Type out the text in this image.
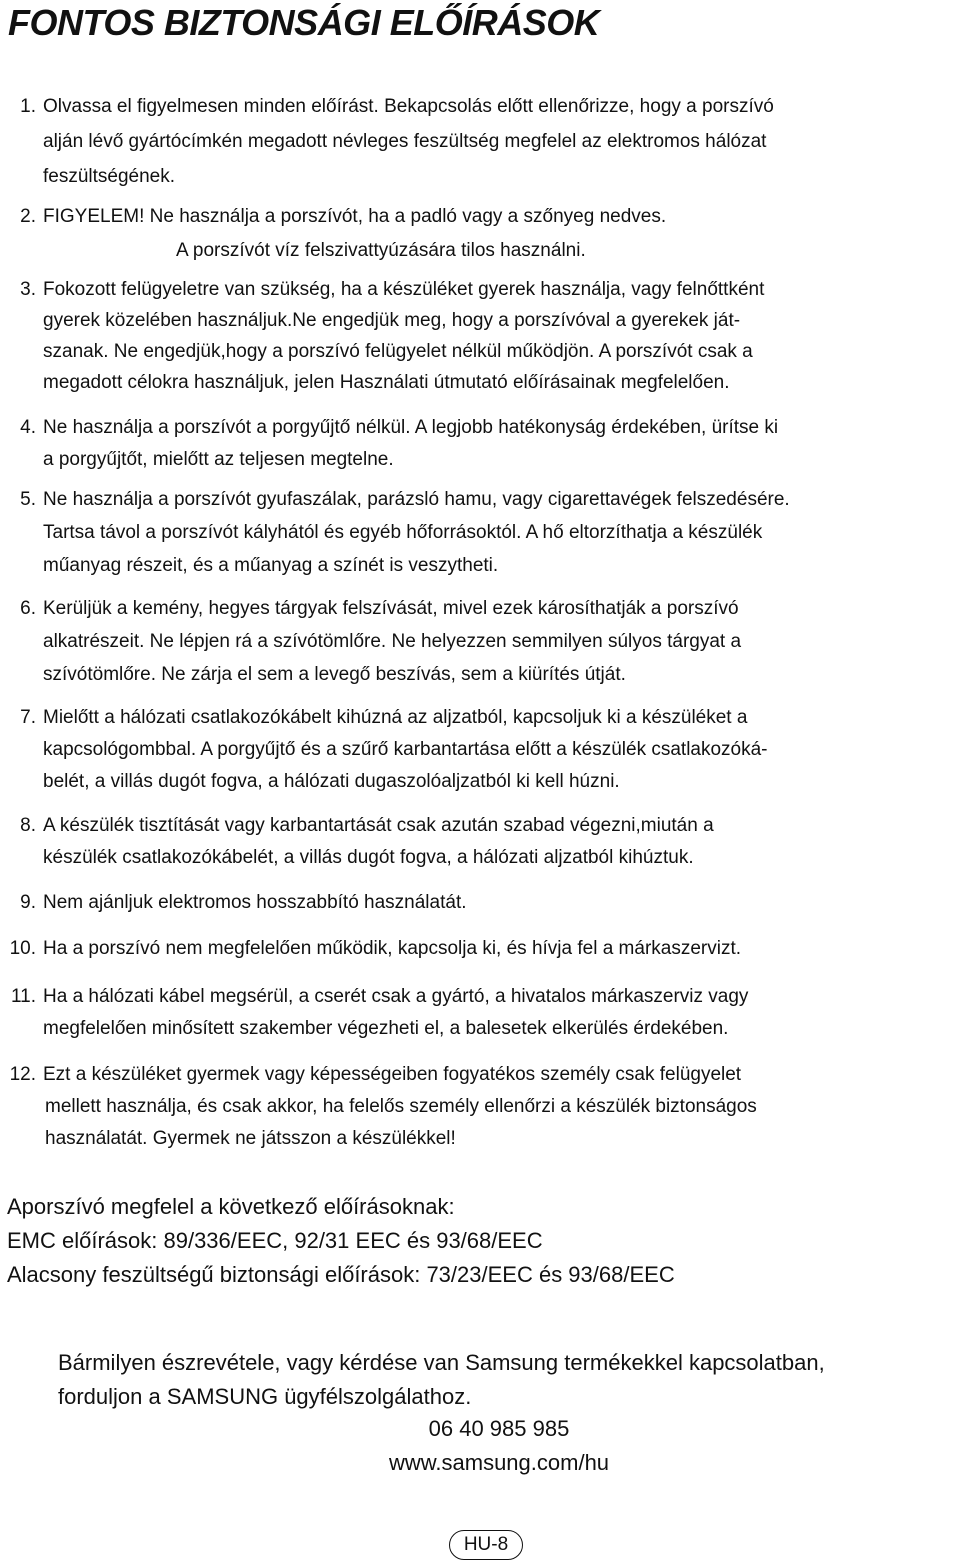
FONTOS BIZTONSÁGI ELŐÍRÁSOK
1. Olvassa el figyelmesen minden előírást. Bekapcsolás előtt ellenőrizze, hogy a porszívó
alján lévő gyártócímkén megadott névleges feszültség megfelel az elektromos hálózat
feszültségének.
2. FIGYELEM! Ne használja a porszívót, ha a padló vagy a szőnyeg nedves.
A porszívót víz felszivattyúzására tilos használni.
3. Fokozott felügyeletre van szükség, ha a készüléket gyerek használja, vagy felnőttként
gyerek közelében használjuk.Ne engedjük meg, hogy a porszívóval a gyerekek ját-
szanak. Ne engedjük,hogy a porszívó felügyelet nélkül működjön. A porszívót csak a
megadott célokra használjuk, jelen Használati útmutató előírásainak megfelelően.
4. Ne használja a porszívót a porgyűjtő nélkül. A legjobb hatékonyság érdekében, ürítse ki
a porgyűjtőt, mielőtt az teljesen megtelne.
5. Ne használja a porszívót gyufaszálak, parázsló hamu, vagy cigarettavégek felszedésére.
Tartsa távol a porszívót kályhától és egyéb hőforrásoktól. A hő eltorzíthatja a készülék
műanyag részeit, és a műanyag a színét is veszytheti.
6. Kerüljük a kemény, hegyes tárgyak felszívását, mivel ezek károsíthatják a porszívó
alkatrészeit. Ne lépjen rá a szívótömlőre. Ne helyezzen semmilyen súlyos tárgyat a
szívótömlőre. Ne zárja el sem a levegő beszívás, sem a kiürítés útját.
7. Mielőtt a hálózati csatlakozókábelt kihúzná az aljzatból, kapcsoljuk ki a készüléket a
kapcsológombbal. A porgyűjtő és a szűrő karbantartása előtt a készülék csatlakozóká-
belét, a villás dugót fogva, a hálózati dugaszolóaljzatból ki kell húzni.
8. A készülék tisztítását vagy karbantartását csak azután szabad végezni,miután a
készülék csatlakozókábelét, a villás dugót fogva, a hálózati aljzatból kihúztuk.
9. Nem ajánljuk elektromos hosszabbító használatát.
10. Ha a porszívó nem megfelelően működik, kapcsolja ki, és hívja fel a márkaszervizt.
11. Ha a hálózati kábel megsérül, a cserét csak a gyártó, a hivatalos márkaszerviz vagy
megfelelően minősített szakember végezheti el, a balesetek elkerülés érdekében.
12. Ezt a készüléket gyermek vagy képességeiben fogyatékos személy csak felügyelet
mellett használja, és csak akkor, ha felelős személy ellenőrzi a készülék biztonságos
használatát. Gyermek ne játsszon a készülékkel!
Aporszívó megfelel a következő előírásoknak:
EMC előírások: 89/336/EEC, 92/31 EEC és 93/68/EEC
Alacsony feszültségű biztonsági előírások: 73/23/EEC és 93/68/EEC
Bármilyen észrevétele, vagy kérdése van Samsung termékekkel kapcsolatban,
forduljon a SAMSUNG ügyfélszolgálathoz.
06 40 985 985
www.samsung.com/hu
HU-8
